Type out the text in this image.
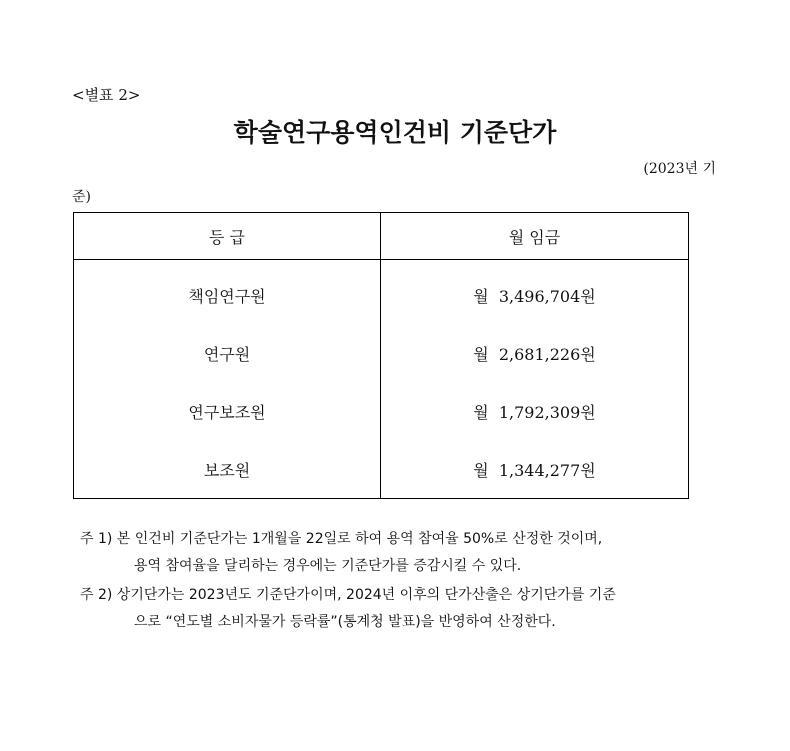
<별표 2>
학술연구용역인건비 기준단가
(2023년 기
준)
등 급	월 임금
책임연구원	월  3,496,704원
연구원	월  2,681,226원
연구보조원	월  1,792,309원
보조원	월  1,344,277원
주 1) 본 인건비 기준단가는 1개월을 22일로 하여 용역 참여율 50%로 산정한 것이며,
용역 참여율을 달리하는 경우에는 기준단가를 증감시킬 수 있다.
주 2) 상기단가는 2023년도 기준단가이며, 2024년 이후의 단가산출은 상기단가를 기준
으로 “연도별 소비자물가 등락률”(통계청 발표)을 반영하여 산정한다.
